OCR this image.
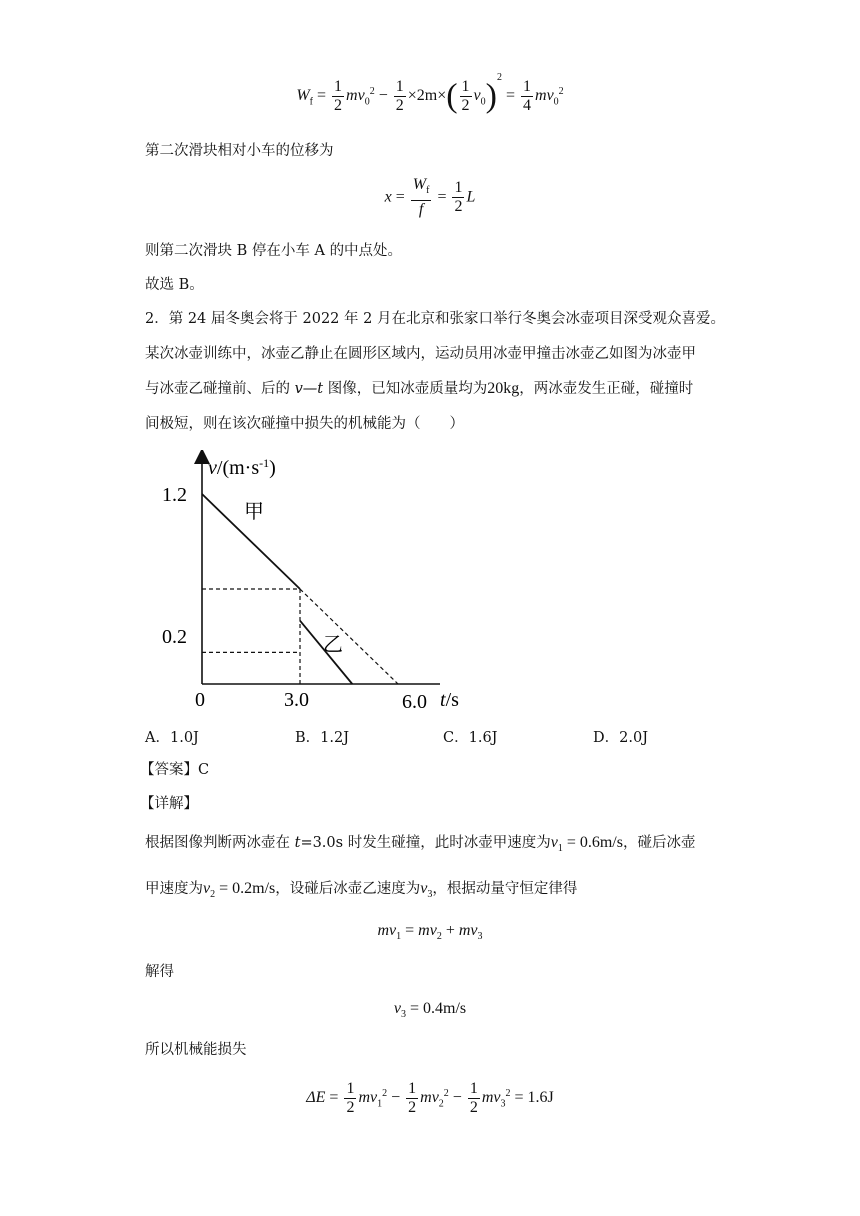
$W_f = \frac{1}{2} mv_0^2 - \frac{1}{2} \times 2m\times( \frac{1}{2} v_0)^2 = \frac{1}{4} mv_0^2$
第二次滑块相对小车的位移为
$x = \frac{W_f}{f} = \frac{1}{2}$ L
则第二次滑块 B 停在小车 A 的中点处。
故选 B。
2．第 24 届冬奥会将于 2022 年 2 月在北京和张家口举行冬奥会冰壶项目深受观众喜爱。
某次冰壶训练中，冰壶乙静止在圆形区域内，运动员用冰壶甲撞击冰壶乙如图为冰壶甲
与冰壶乙碰撞前、后的 v—t 图像，已知冰壶质量均为20kg，两冰壶发生正碰，碰撞时
间极短，则在该次碰撞中损失的机械能为（　　）
$v/(m\cdot s^{-1})$
t/s
0	3.0	6.0
1.2
0.2
甲
乙
A．1.0J	B．1.2J	C．1.6J	D．2.0J
【答案】C
【详解】
根据图像判断两冰壶在 t=3.0s 时发生碰撞，此时冰壶甲速度为$v_1 = 0.6m/s$，碰后冰壶
甲速度为$v_2 = 0.2m/s$，设碰后冰壶乙速度为$v_3$，根据动量守恒定律得
$mv_1 = mv_2 + mv_3$
解得
$v_3 = 0.4m/s$
所以机械能损失
$\Delta E = \frac{1}{2} mv_1^2 - \frac{1}{2} mv_2^2 - \frac{1}{2} mv_3^2 = 1.6J$
